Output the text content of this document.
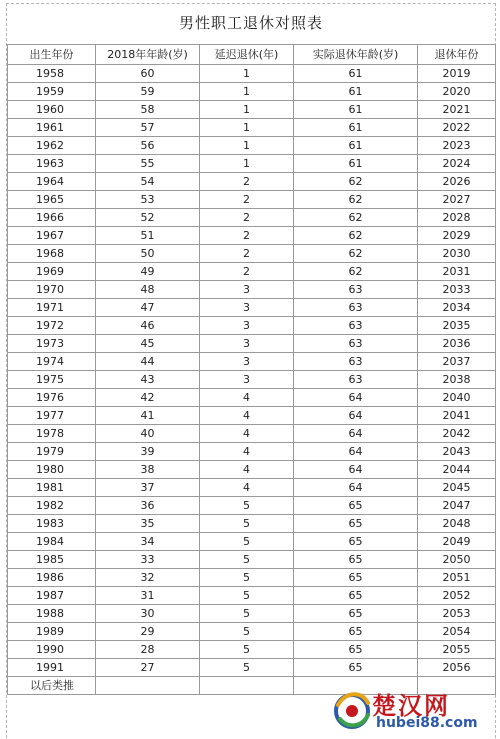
男性职工退休对照表
出生年份	2018年年龄(岁)	延迟退休(年)	实际退休年龄(岁)	退休年份
1958	60	1	61	2019
1959	59	1	61	2020
1960	58	1	61	2021
1961	57	1	61	2022
1962	56	1	61	2023
1963	55	1	61	2024
1964	54	2	62	2026
1965	53	2	62	2027
1966	52	2	62	2028
1967	51	2	62	2029
1968	50	2	62	2030
1969	49	2	62	2031
1970	48	3	63	2033
1971	47	3	63	2034
1972	46	3	63	2035
1973	45	3	63	2036
1974	44	3	63	2037
1975	43	3	63	2038
1976	42	4	64	2040
1977	41	4	64	2041
1978	40	4	64	2042
1979	39	4	64	2043
1980	38	4	64	2044
1981	37	4	64	2045
1982	36	5	65	2047
1983	35	5	65	2048
1984	34	5	65	2049
1985	33	5	65	2050
1986	32	5	65	2051
1987	31	5	65	2052
1988	30	5	65	2053
1989	29	5	65	2054
1990	28	5	65	2055
1991	27	5	65	2056
以后类推				
楚汉网
hubei88.com
